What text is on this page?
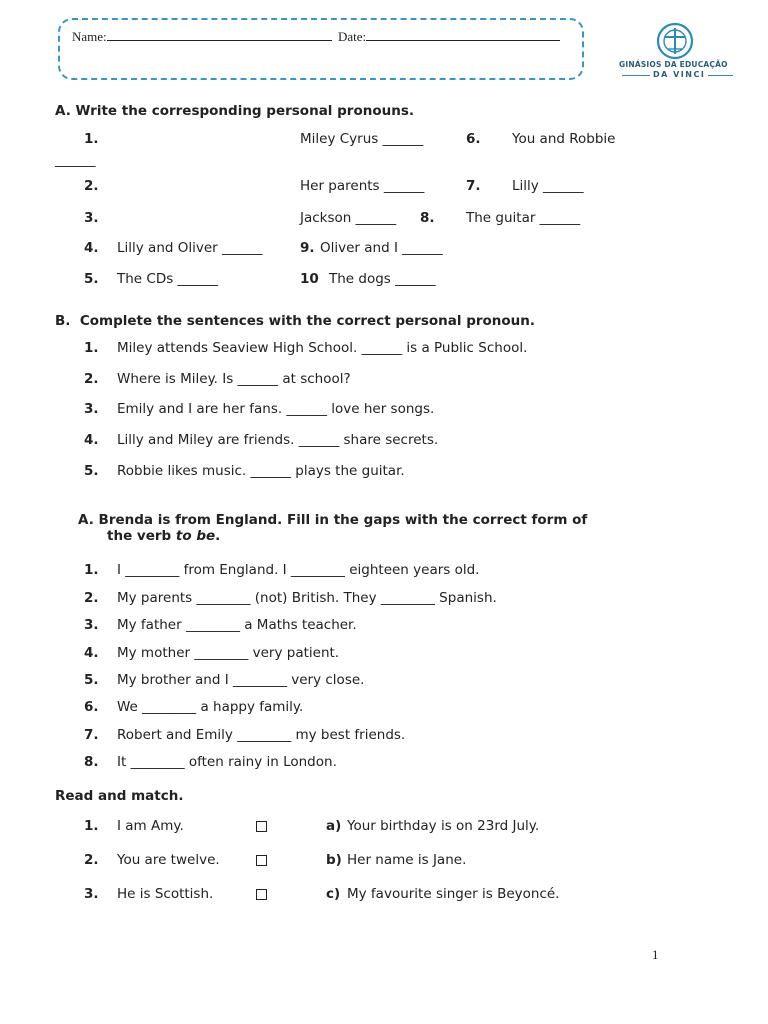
Name:	Date:
GINÁSIOS DA EDUCAÇÃO
DA VINCI
A. Write the corresponding personal pronouns.
1.	Miley Cyrus ______	6. You and Robbie
______
2.	Her parents ______	7. Lilly ______
3.	Jackson ______ 8. The guitar ______
4. Lilly and Oliver ______	9. Oliver and I ______
5. The CDs ______	10 The dogs ______
B. Complete the sentences with the correct personal pronoun.
1. Miley attends Seaview High School. ______ is a Public School.
2. Where is Miley. Is ______ at school?
3. Emily and I are her fans. ______ love her songs.
4. Lilly and Miley are friends. ______ share secrets.
5. Robbie likes music. ______ plays the guitar.
A. Brenda is from England. Fill in the gaps with the correct form of
the verb to be.
1. I ________ from England. I ________ eighteen years old.
2. My parents ________ (not) British. They ________ Spanish.
3. My father ________ a Maths teacher.
4. My mother ________ very patient.
5. My brother and I ________ very close.
6. We ________ a happy family.
7. Robert and Emily ________ my best friends.
8. It ________ often rainy in London.
Read and match.
1. I am Amy.	a) Your birthday is on 23rd July.
2. You are twelve.	b) Her name is Jane.
3. He is Scottish.	c) My favourite singer is Beyoncé.
1
